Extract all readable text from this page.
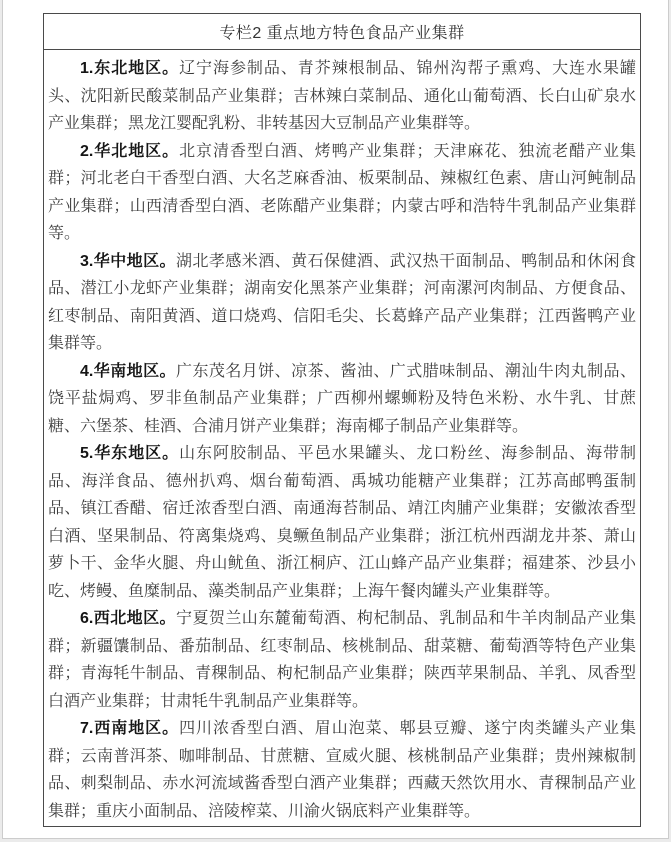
专栏2 重点地方特色食品产业集群

1.东北地区。辽宁海参制品、青芥辣根制品、锦州沟帮子熏鸡、大连水果罐头、沈阳新民酸菜制品产业集群；吉林辣白菜制品、通化山葡萄酒、长白山矿泉水产业集群；黑龙江婴配乳粉、非转基因大豆制品产业集群等。

2.华北地区。北京清香型白酒、烤鸭产业集群；天津麻花、独流老醋产业集群；河北老白干香型白酒、大名芝麻香油、板栗制品、辣椒红色素、唐山河鲀制品产业集群；山西清香型白酒、老陈醋产业集群；内蒙古呼和浩特牛乳制品产业集群等。

3.华中地区。湖北孝感米酒、黄石保健酒、武汉热干面制品、鸭制品和休闲食品、潜江小龙虾产业集群；湖南安化黑茶产业集群；河南漯河肉制品、方便食品、红枣制品、南阳黄酒、道口烧鸡、信阳毛尖、长葛蜂产品产业集群；江西酱鸭产业集群等。

4.华南地区。广东茂名月饼、凉茶、酱油、广式腊味制品、潮汕牛肉丸制品、饶平盐焗鸡、罗非鱼制品产业集群；广西柳州螺蛳粉及特色米粉、水牛乳、甘蔗糖、六堡茶、桂酒、合浦月饼产业集群；海南椰子制品产业集群等。

5.华东地区。山东阿胶制品、平邑水果罐头、龙口粉丝、海参制品、海带制品、海洋食品、德州扒鸡、烟台葡萄酒、禹城功能糖产业集群；江苏高邮鸭蛋制品、镇江香醋、宿迁浓香型白酒、南通海苔制品、靖江肉脯产业集群；安徽浓香型白酒、坚果制品、符离集烧鸡、臭鳜鱼制品产业集群；浙江杭州西湖龙井茶、萧山萝卜干、金华火腿、舟山鱿鱼、浙江桐庐、江山蜂产品产业集群；福建茶、沙县小吃、烤鳗、鱼糜制品、藻类制品产业集群；上海午餐肉罐头产业集群等。

6.西北地区。宁夏贺兰山东麓葡萄酒、枸杞制品、乳制品和牛羊肉制品产业集群；新疆馕制品、番茄制品、红枣制品、核桃制品、甜菜糖、葡萄酒等特色产业集群；青海牦牛制品、青稞制品、枸杞制品产业集群；陕西苹果制品、羊乳、凤香型白酒产业集群；甘肃牦牛乳制品产业集群等。

7.西南地区。四川浓香型白酒、眉山泡菜、郫县豆瓣、遂宁肉类罐头产业集群；云南普洱茶、咖啡制品、甘蔗糖、宣威火腿、核桃制品产业集群；贵州辣椒制品、刺梨制品、赤水河流域酱香型白酒产业集群；西藏天然饮用水、青稞制品产业集群；重庆小面制品、涪陵榨菜、川渝火锅底料产业集群等。
